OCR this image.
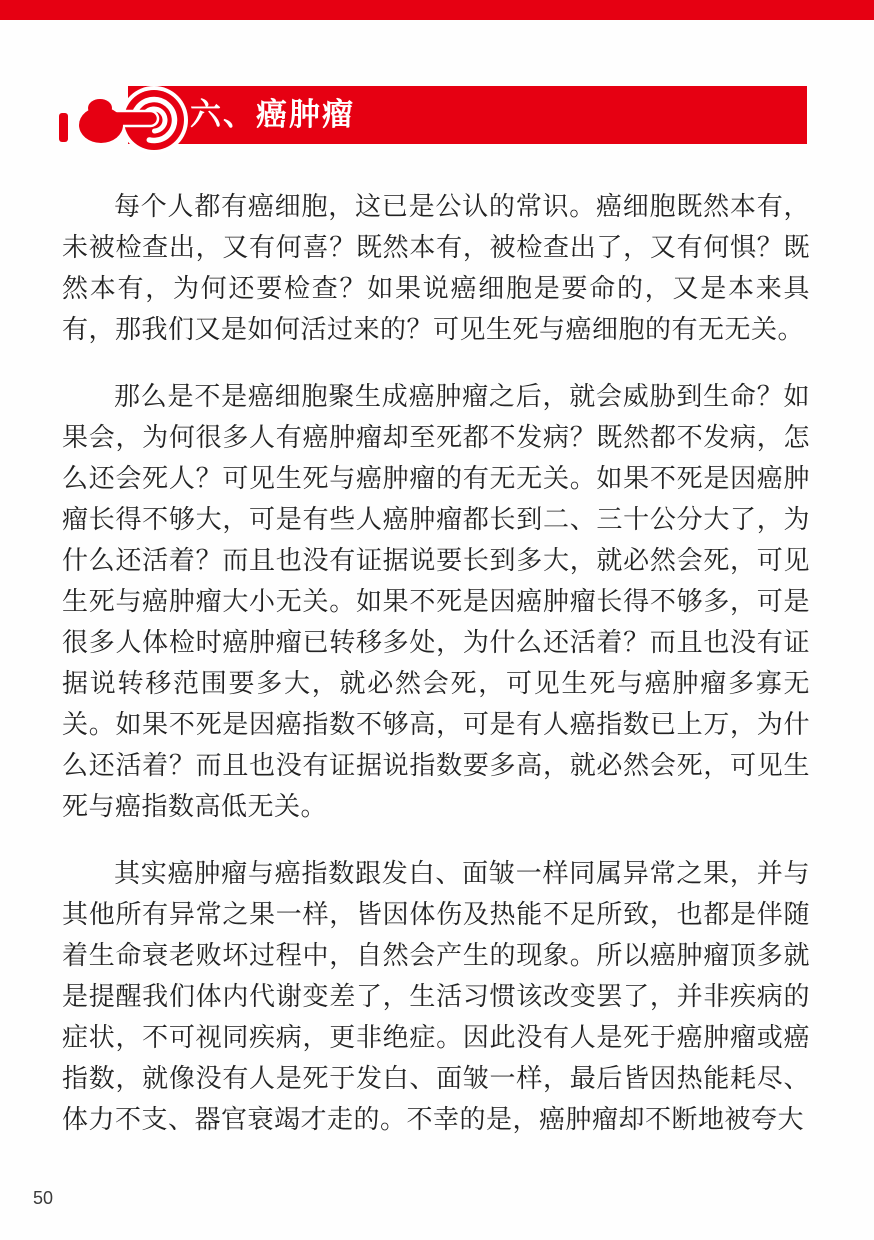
六、癌肿瘤

每个人都有癌细胞，这已是公认的常识。癌细胞既然本有，未被检查出，又有何喜？既然本有，被检查出了，又有何惧？既然本有，为何还要检查？如果说癌细胞是要命的，又是本来具有，那我们又是如何活过来的？可见生死与癌细胞的有无无关。

那么是不是癌细胞聚生成癌肿瘤之后，就会威胁到生命？如果会，为何很多人有癌肿瘤却至死都不发病？既然都不发病，怎么还会死人？可见生死与癌肿瘤的有无无关。如果不死是因癌肿瘤长得不够大，可是有些人癌肿瘤都长到二、三十公分大了，为什么还活着？而且也没有证据说要长到多大，就必然会死，可见生死与癌肿瘤大小无关。如果不死是因癌肿瘤长得不够多，可是很多人体检时癌肿瘤已转移多处，为什么还活着？而且也没有证据说转移范围要多大，就必然会死，可见生死与癌肿瘤多寡无关。如果不死是因癌指数不够高，可是有人癌指数已上万，为什么还活着？而且也没有证据说指数要多高，就必然会死，可见生死与癌指数高低无关。

其实癌肿瘤与癌指数跟发白、面皱一样同属异常之果，并与其他所有异常之果一样，皆因体伤及热能不足所致，也都是伴随着生命衰老败坏过程中，自然会产生的现象。所以癌肿瘤顶多就是提醒我们体内代谢变差了，生活习惯该改变罢了，并非疾病的症状，不可视同疾病，更非绝症。因此没有人是死于癌肿瘤或癌指数，就像没有人是死于发白、面皱一样，最后皆因热能耗尽、体力不支、器官衰竭才走的。不幸的是，癌肿瘤却不断地被夸大

50
